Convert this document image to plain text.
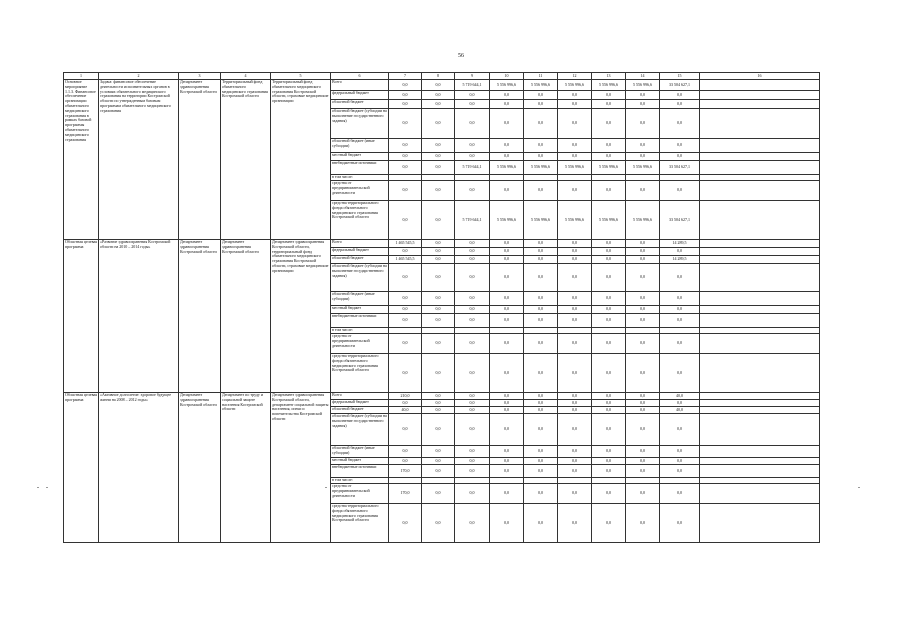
56
1	2	3	4	5	6	7	8	9	10	11	12	13	14	15	16
Основное мероприятие 1.1.3. Финансовое обеспечение организации обязательного медицинского страхования в рамках базовой программы обязательного медицинского страхования	Задача: финансовое обеспечение деятельности исполнительных органов в условиях обязательного медицинского страхования на территории Костромской области по утвержденным базовым программам обязательного медицинского страхования	Департамент здравоохранения Костромской области	Территориальный фонд обязательного медицинского страхования Костромской области	Территориальный фонд обязательного медицинского страхования Костромской области, страховые медицинские организации	Всего	0,0	0,0	5 719 644,1	5 556 996,6	5 556 996,6	5 556 996,6	5 556 996,6	5 556 996,6	33 504 627,1	
					федеральный бюджет	0,0	0,0	0,0	0,0	0,0	0,0	0,0	0,0	0,0	
					областной бюджет	0,0	0,0	0,0	0,0	0,0	0,0	0,0	0,0	0,0	
					областной бюджет (субсидии на выполнение государственного задания)	0,0	0,0	0,0	0,0	0,0	0,0	0,0	0,0	0,0	
					областной бюджет (иные субсидии)	0,0	0,0	0,0	0,0	0,0	0,0	0,0	0,0	0,0	
					местный бюджет	0,0	0,0	0,0	0,0	0,0	0,0	0,0	0,0	0,0	
					внебюджетные источники	0,0	0,0	5 719 644,1	5 556 996,6	5 556 996,6	5 556 996,6	5 556 996,6	5 556 996,6	33 504 627,1	
					в том числе:										
					средства от предпринимательской деятельности	0,0	0,0	0,0	0,0	0,0	0,0	0,0	0,0	0,0	
					средства территориального фонда обязательного медицинского страхования Костромской области	0,0	0,0	5 719 644,1	5 556 996,6	5 556 996,6	5 556 996,6	5 556 996,6	5 556 996,6	33 504 627,1	
Областная целевая программа	«Развитие здравоохранения Костромской области на 2010 – 2014 годы»	Департамент здравоохранения Костромской области	Департамент здравоохранения Костромской области	Департамент здравоохранения Костромской области, территориальный фонд обязательного медицинского страхования Костромской области, страховые медицинские организации	Всего	1 465 545,5	0,0	0,0	0,0	0,0	0,0	0,0	0,0	14 289,5	
					федеральный бюджет	0,0	0,0	0,0	0,0	0,0	0,0	0,0	0,0	0,0	
					областной бюджет	1 465 545,5	0,0	0,0	0,0	0,0	0,0	0,0	0,0	14 289,5	
					областной бюджет (субсидии на выполнение государственного задания)	0,0	0,0	0,0	0,0	0,0	0,0	0,0	0,0	0,0	
					областной бюджет (иные субсидии)	0,0	0,0	0,0	0,0	0,0	0,0	0,0	0,0	0,0	
					местный бюджет	0,0	0,0	0,0	0,0	0,0	0,0	0,0	0,0	0,0	
					внебюджетные источники	0,0	0,0	0,0	0,0	0,0	0,0	0,0	0,0	0,0	
					в том числе:										
					средства от предпринимательской деятельности	0,0	0,0	0,0	0,0	0,0	0,0	0,0	0,0	0,0	
					средства территориального фонда обязательного медицинского страхования Костромской области	0,0	0,0	0,0	0,0	0,0	0,0	0,0	0,0	0,0	
Областная целевая программа	«Активное долголетие: здоровое будущее жизни на 2008 – 2012 годы»	Департамент здравоохранения Костромской области	Департамент по труду и социальной защите населения Костромской области	Департамент здравоохранения Костромской области, департамент социальной защиты населения, опеки и попечительства Костромской области	Всего	210,0	0,0	0,0	0,0	0,0	0,0	0,0	0,0	40,0	
					федеральный бюджет	0,0	0,0	0,0	0,0	0,0	0,0	0,0	0,0	0,0	
					областной бюджет	40,0	0,0	0,0	0,0	0,0	0,0	0,0	0,0	40,0	
					областной бюджет (субсидии на выполнение государственного задания)	0,0	0,0	0,0	0,0	0,0	0,0	0,0	0,0	0,0	
					областной бюджет (иные субсидии)	0,0	0,0	0,0	0,0	0,0	0,0	0,0	0,0	0,0	
					местный бюджет	0,0	0,0	0,0	0,0	0,0	0,0	0,0	0,0	0,0	
					внебюджетные источники	170,0	0,0	0,0	0,0	0,0	0,0	0,0	0,0	0,0	
					в том числе:										
					средства от предпринимательской деятельности	170,0	0,0	0,0	0,0	0,0	0,0	0,0	0,0	0,0	
					средства территориального фонда обязательного медицинского страхования Костромской области	0,0	0,0	0,0	0,0	0,0	0,0	0,0	0,0	0,0	
